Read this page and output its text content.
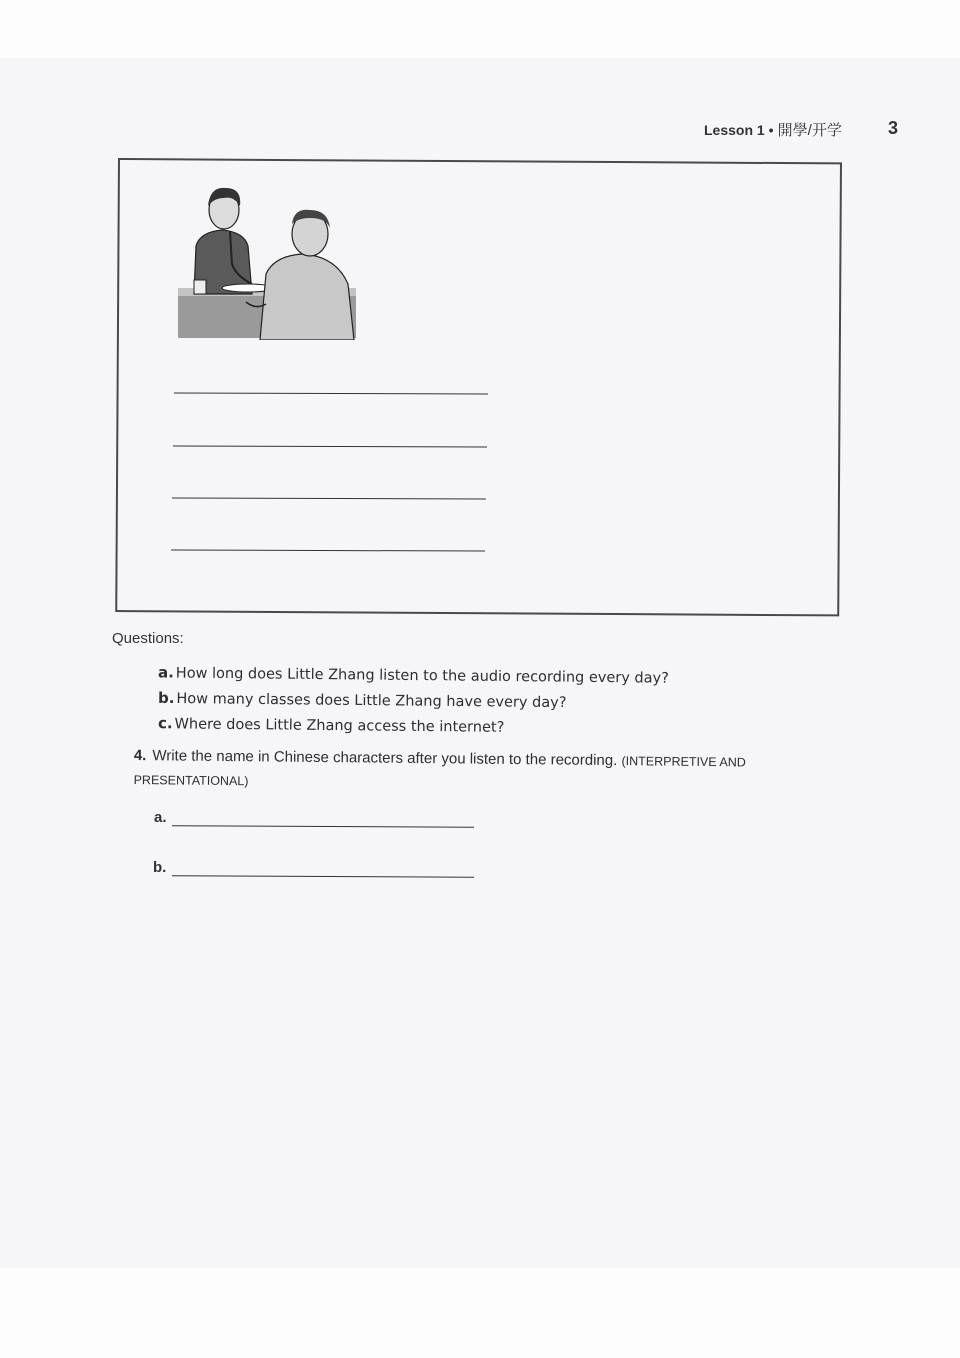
Lesson 1 • 開學/开学	3
Questions:
a. How long does Little Zhang listen to the audio recording every day?
b. How many classes does Little Zhang have every day?
c. Where does Little Zhang access the internet?
4. Write the name in Chinese characters after you listen to the recording. (INTERPRETIVE AND PRESENTATIONAL)
a.
b.
